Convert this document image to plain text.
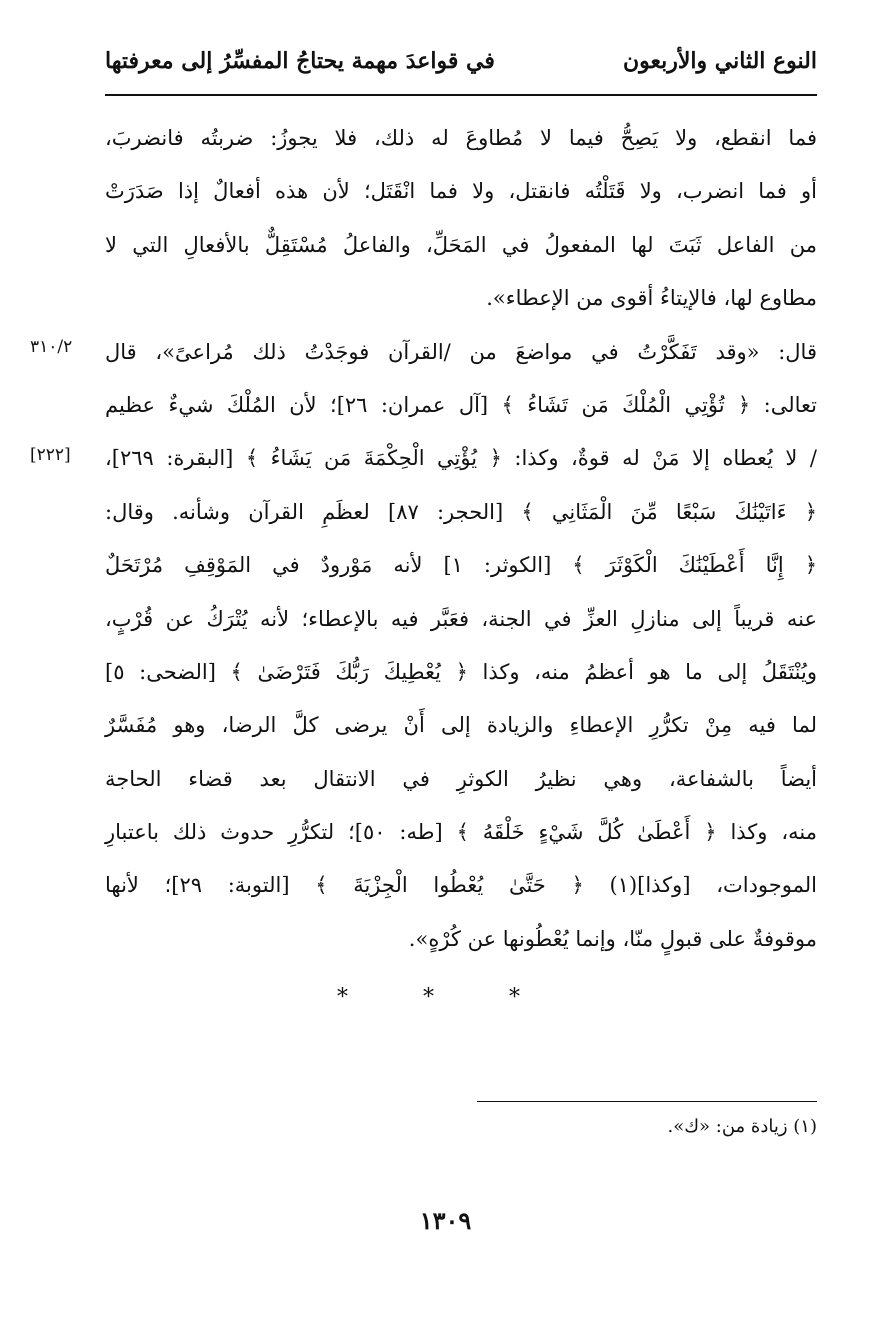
النوع الثاني والأربعون
في قواعدَ مهمة يحتاجُ المفسِّرُ إلى معرفتها
فما انقطع، ولا يَصِحُّ فيما لا مُطاوعَ له ذلك، فلا يجوزُ: ضربتُه فانضربَ،
أو فما انضرب، ولا قَتَلْتُه فانقتل، ولا فما انْقَتَل؛ لأن هذه أفعالٌ إذا صَدَرَتْ
من الفاعل ثَبَتَ لها المفعولُ في المَحَلِّ، والفاعلُ مُسْتَقِلٌّ بالأفعالِ التي لا
مطاوع لها، فالإيتاءُ أقوى من الإعطاء».
قال: «وقد تَفَكَّرْتُ في مواضعَ من /القرآن فوجَدْتُ ذلك مُراعىً»، قال
تعالى: ﴿ تُؤْتِي الْمُلْكَ مَن تَشَاءُ ﴾ [آل عمران: ٢٦]؛ لأن المُلْكَ شيءٌ عظيم
/ لا يُعطاه إلا مَنْ له قوةٌ، وكذا: ﴿ يُؤْتِي الْحِكْمَةَ مَن يَشَاءُ ﴾ [البقرة: ٢٦٩]،
﴿ ءَاتَيْنَٰكَ سَبْعًا مِّنَ الْمَثَانِي ﴾ [الحجر: ٨٧] لعظَمِ القرآن وشأنه. وقال:
﴿ إِنَّا أَعْطَيْنَٰكَ الْكَوْثَرَ ﴾ [الكوثر: ١] لأنه مَوْرودٌ في المَوْقِفِ مُرْتَحَلٌ
عنه قريباً إلى منازلِ العزِّ في الجنة، فعَبَّر فيه بالإعطاء؛ لأنه يُتْرَكُ عن قُرْبٍ،
ويُنْتَقَلُ إلى ما هو أعظمُ منه، وكذا ﴿ يُعْطِيكَ رَبُّكَ فَتَرْضَىٰ ﴾ [الضحى: ٥]
لما فيه مِنْ تكرُّرِ الإعطاءِ والزيادة إلى أَنْ يرضى كلَّ الرضا، وهو مُفَسَّرٌ
أيضاً بالشفاعة، وهي نظيرُ الكوثرِ في الانتقال بعد قضاء الحاجة
منه، وكذا ﴿ أَعْطَىٰ كُلَّ شَيْءٍ خَلْقَهُ ﴾ [طه: ٥٠]؛ لتكرُّرِ حدوث ذلك باعتبارِ
الموجودات، [وكذا](١) ﴿ حَتَّىٰ يُعْطُوا الْجِزْيَةَ ﴾ [التوبة: ٢٩]؛ لأنها
موقوفةٌ على قبولٍ منّا، وإنما يُعْطُونها عن كُرْهٍ».
٣١٠/٢
[٢٢٢]
* * *
(١) زيادة من: «ك».
١٣٠٩
